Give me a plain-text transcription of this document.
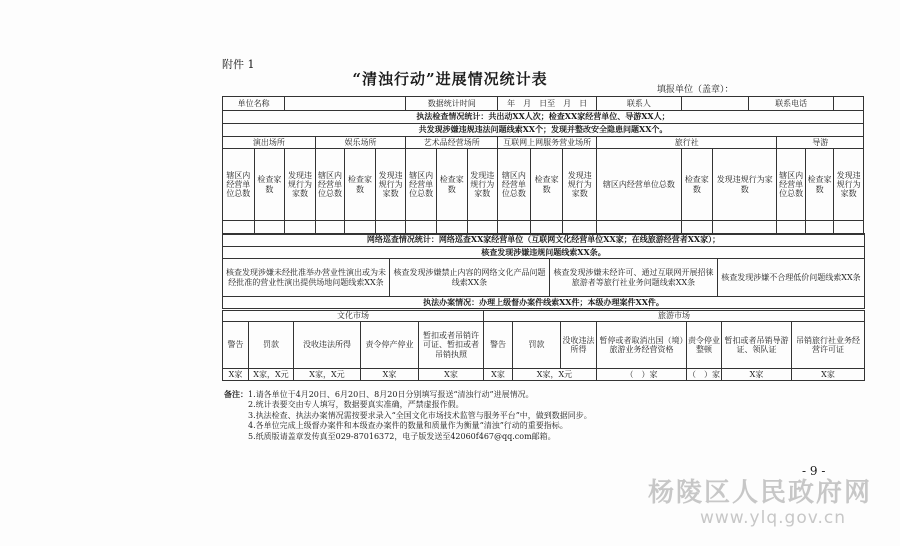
附件 1
“清浊行动”进展情况统计表
填报单位（盖章）：
单位名称						数据统计时间			年　月　日至　月　日			联系人			联系电话			
执法检查情况统计：共出动XX人次；检查XX家经营单位、导游XX人；																		
共发现涉嫌违规违法问题线索XX个；发现并整改安全隐患问题XX个。																		
演出场所			娱乐场所			艺术品经营场所			互联网上网服务营业场所			旅行社				导游		
辖区内经营单位总数	检查家数	发现违规行为家数	辖区内经营单位总数	检查家数	发现违规行为家数	辖区内经营单位总数	检查家数	发现违规行为家数	辖区内经营单位总数	检查家数	发现违规行为家数	辖区内经营单位总数	检查家数	发现违规行为家数		辖区内经营单位总数	检查家数	发现违规行为家数

网络巡查情况统计：网络巡查XX家经营单位（互联网文化经营单位XX家；在线旅游经营者XX家）；
核查发现涉嫌违规问题线索XX条。
核查发现涉嫌未经批准举办营业性演出或为未经批准的营业性演出提供场地问题线索XX条	核查发现涉嫌禁止内容的网络文化产品问题线索XX条	核查发现涉嫌未经许可、通过互联网开展招徕旅游者等旅行社业务问题线索XX条	核查发现涉嫌不合理低价问题线索XX条
执法办案情况：办理上级督办案件线索XX件；本级办理案件XX件。
文化市场					旅游市场						
警告	罚款	没收违法所得	责令停产停业	暂扣或者吊销许可证、暂扣或者吊销执照	警告	罚款	没收违法所得	暂停或者取消出国（境）旅游业务经营资格	责令停业整顿	暂扣或者吊销导游证、领队证	吊销旅行社业务经营许可证
X家	X家，X元	X家，X元	X家	X家	X家	X家，X元		（　）家	（　）家	X家	X家
备注：1.请各单位于4月20日、6月20日、8月20日分别填写报送“清浊行动”进展情况。
2.统计表要交由专人填写，数据要真实准确，严禁虚报作假。
3.执法检查、执法办案情况需按要求录入“全国文化市场技术监管与服务平台”中，做到数据同步。
4.各单位完成上级督办案件和本级查办案件的数量和质量作为衡量“清浊”行动的重要指标。
5.纸质版请盖章发传真至029-87016372，电子版发送至42060f467@qq.com邮箱。
- 9 -
杨陵区人民政府网
www.ylq.gov.cn
